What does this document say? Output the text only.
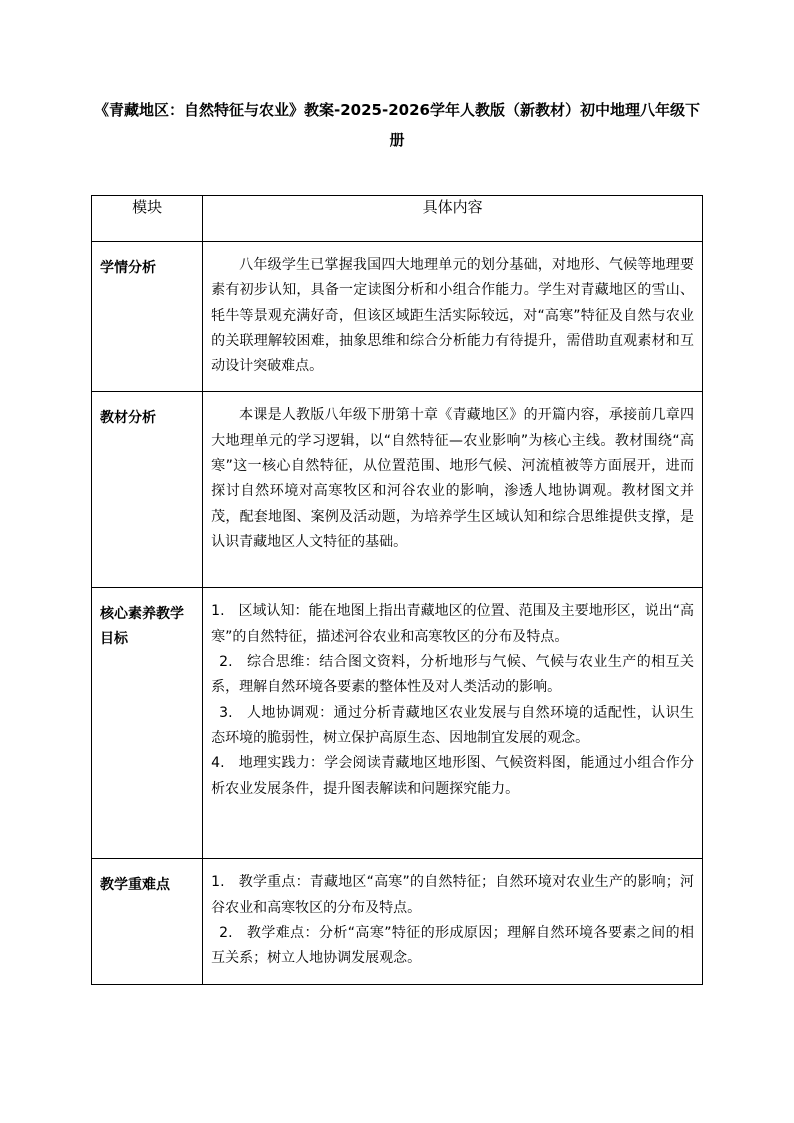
《青藏地区：自然特征与农业》教案-2025-2026学年人教版（新教材）初中地理八年级下册
模块	具体内容
学情分析	八年级学生已掌握我国四大地理单元的划分基础，对地形、气候等地理要素有初步认知，具备一定读图分析和小组合作能力。学生对青藏地区的雪山、牦牛等景观充满好奇，但该区域距生活实际较远，对“高寒”特征及自然与农业的关联理解较困难，抽象思维和综合分析能力有待提升，需借助直观素材和互动设计突破难点。
教材分析	本课是人教版八年级下册第十章《青藏地区》的开篇内容，承接前几章四大地理单元的学习逻辑，以“自然特征—农业影响”为核心主线。教材围绕“高寒”这一核心自然特征，从位置范围、地形气候、河流植被等方面展开，进而探讨自然环境对高寒牧区和河谷农业的影响，渗透人地协调观。教材图文并茂，配套地图、案例及活动题，为培养学生区域认知和综合思维提供支撑，是认识青藏地区人文特征的基础。
核心素养教学目标	1. 区域认知：能在地图上指出青藏地区的位置、范围及主要地形区，说出“高寒”的自然特征，描述河谷农业和高寒牧区的分布及特点。

2. 综合思维：结合图文资料，分析地形与气候、气候与农业生产的相互关系，理解自然环境各要素的整体性及对人类活动的影响。

3. 人地协调观：通过分析青藏地区农业发展与自然环境的适配性，认识生态环境的脆弱性，树立保护高原生态、因地制宜发展的观念。

4. 地理实践力：学会阅读青藏地区地形图、气候资料图，能通过小组合作分析农业发展条件，提升图表解读和问题探究能力。

教学重难点	1. 教学重点：青藏地区“高寒”的自然特征；自然环境对农业生产的影响；河谷农业和高寒牧区的分布及特点。

2. 教学难点：分析“高寒”特征的形成原因；理解自然环境各要素之间的相互关系；树立人地协调发展观念。
